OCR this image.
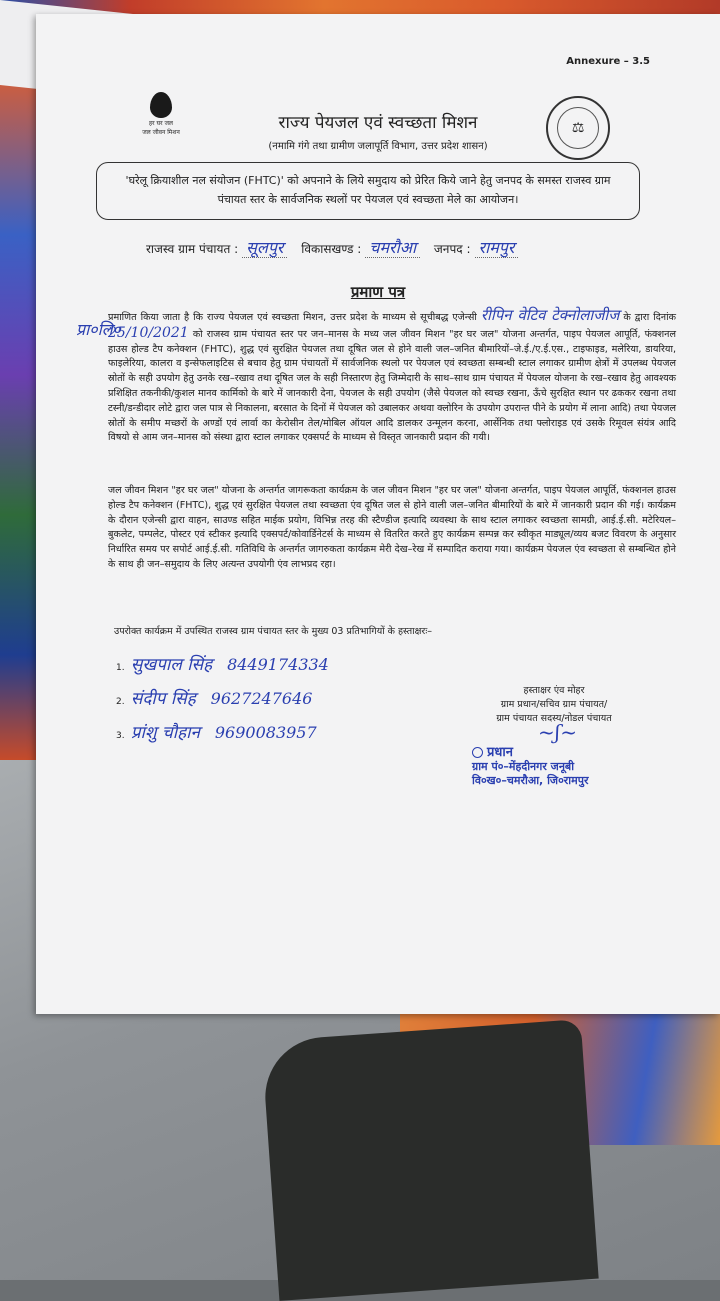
Annexure – 3.5
हर घर जल
जल जीवन मिशन	⚖
राज्य पेयजल एवं स्वच्छता मिशन
(नमामि गंगे तथा ग्रामीण जलापूर्ति विभाग, उत्तर प्रदेश शासन)
'घरेलू क्रियाशील नल संयोजन (FHTC)' को अपनाने के लिये समुदाय को प्रेरित किये जाने हेतु जनपद के समस्त राजस्व ग्राम पंचायत स्तर के सार्वजनिक स्थलों पर पेयजल एवं स्वच्छता मेले का आयोजन।
राजस्व ग्राम पंचायत : सूलपुर विकासखण्ड : चमरौआ जनपद : रामपुर
प्रमाण पत्र
प्रा०लि०
प्रमाणित किया जाता है कि राज्य पेयजल एवं स्वच्छता मिशन, उत्तर प्रदेश के माध्यम से सूचीबद्ध एजेन्सी रीपिन वेटिव टेक्नोलाजीज के द्वारा दिनांक 25/10/2021 को राजस्व ग्राम पंचायत स्तर पर जन–मानस के मध्य जल जीवन मिशन "हर घर जल" योजना अन्तर्गत, पाइप पेयजल आपूर्ति, फंक्शनल हाउस होल्ड टैप कनेक्शन (FHTC), शुद्ध एवं सुरक्षित पेयजल तथा दूषित जल से होने वाली जल–जनित बीमारियों–जे.ई./ए.ई.एस., टाइफाइड, मलेरिया, डायरिया, फाइलेरिया, कालरा व इन्सेफलाइटिस से बचाव हेतु ग्राम पंचायतों में सार्वजनिक स्थलो पर पेयजल एवं स्वच्छता सम्बन्धी स्टाल लगाकर ग्रामीण क्षेत्रों में उपलब्ध पेयजल स्रोतों के सही उपयोग हेतु उनके रख–रखाव तथा दूषित जल के सही निस्तारण हेतु जिम्मेदारी के साथ–साथ ग्राम पंचायत में पेयजल योजना के रख–रखाव हेतु आवश्यक प्रशिक्षित तकनीकी/कुशल मानव कार्मिको के बारे में जानकारी देना, पेयजल के सही उपयोग (जैसे पेयजल को स्वच्छ रखना, ऊँचे सुरक्षित स्थान पर ढककर रखना तथा टस्नी/डन्डीदार लोटे द्वारा जल पात्र से निकालना, बरसात के दिनों में पेयजल को उबालकर अथवा क्लोरिन के उपयोग उपरान्त पीने के प्रयोग में लाना आदि) तथा पेयजल स्रोतों के समीप मच्छरों के अण्डों एवं लार्वा का केरोसीन तेल/मोबिल ऑयल आदि डालकर उन्मूलन करना, आर्सेनिक तथा फ्लोराइड एवं उसके रिमूवल संयंत्र आदि विषयो से आम जन–मानस को संस्था द्वारा स्टाल लगाकर एक्सपर्ट के माध्यम से विस्तृत जानकारी प्रदान की गयी।
जल जीवन मिशन "हर घर जल" योजना के अन्तर्गत जागरूकता कार्यक्रम के जल जीवन मिशन "हर घर जल" योजना अन्तर्गत, पाइप पेयजल आपूर्ति, फंक्शनल हाउस होल्ड टैप कनेक्शन (FHTC), शुद्ध एवं सुरक्षित पेयजल तथा स्वच्छता एंव दूषित जल से होने वाली जल–जनित बीमारियों के बारे में जानकारी प्रदान की गई। कार्यक्रम के दौरान एजेन्सी द्वारा वाहन, साउण्ड सहित माईक प्रयोग, विभिन्न तरह की स्टैण्डीज इत्यादि व्यवस्था के साथ स्टाल लगाकर स्वच्छता सामग्री, आई.ई.सी. मटेरियल–बुकलेट, पम्पलेट, पोस्टर एवं स्टीकर इत्यादि एक्सपर्ट/कोवार्डिनेटर्स के माध्यम से वितरित करते हुए कार्यक्रम सम्पन्न कर स्वीकृत माड्यूल/व्यय बजट विवरण के अनुसार निर्धारित समय पर सपोर्ट आई.ई.सी. गतिविधि के अन्तर्गत जागरुकता कार्यक्रम मेरी देख–रेख में सम्पादित कराया गया। कार्यक्रम पेयजल एंव स्वच्छता से सम्बन्धित होने के साथ ही जन–समुदाय के लिए अत्यन्त उपयोगी एंव लाभप्रद रहा।
उपरोक्त कार्यक्रम में उपस्थित राजस्व ग्राम पंचायत स्तर के मुख्य 03 प्रतिभागियों के हस्ताक्षरः–
1. सुखपाल सिंह 8449174334
2. संदीप सिंह 9627247646
3. प्रांशु चौहान 9690083957
हस्ताक्षर एंव मोहर
ग्राम प्रधान/सचिव ग्राम पंचायत/
ग्राम पंचायत सदस्य/नोडल पंचायत
~ʃ~
प्रधान
ग्राम पं०–मेंहदीनगर जनूबी
वि०ख०–चमरौआ, जि०रामपुर
